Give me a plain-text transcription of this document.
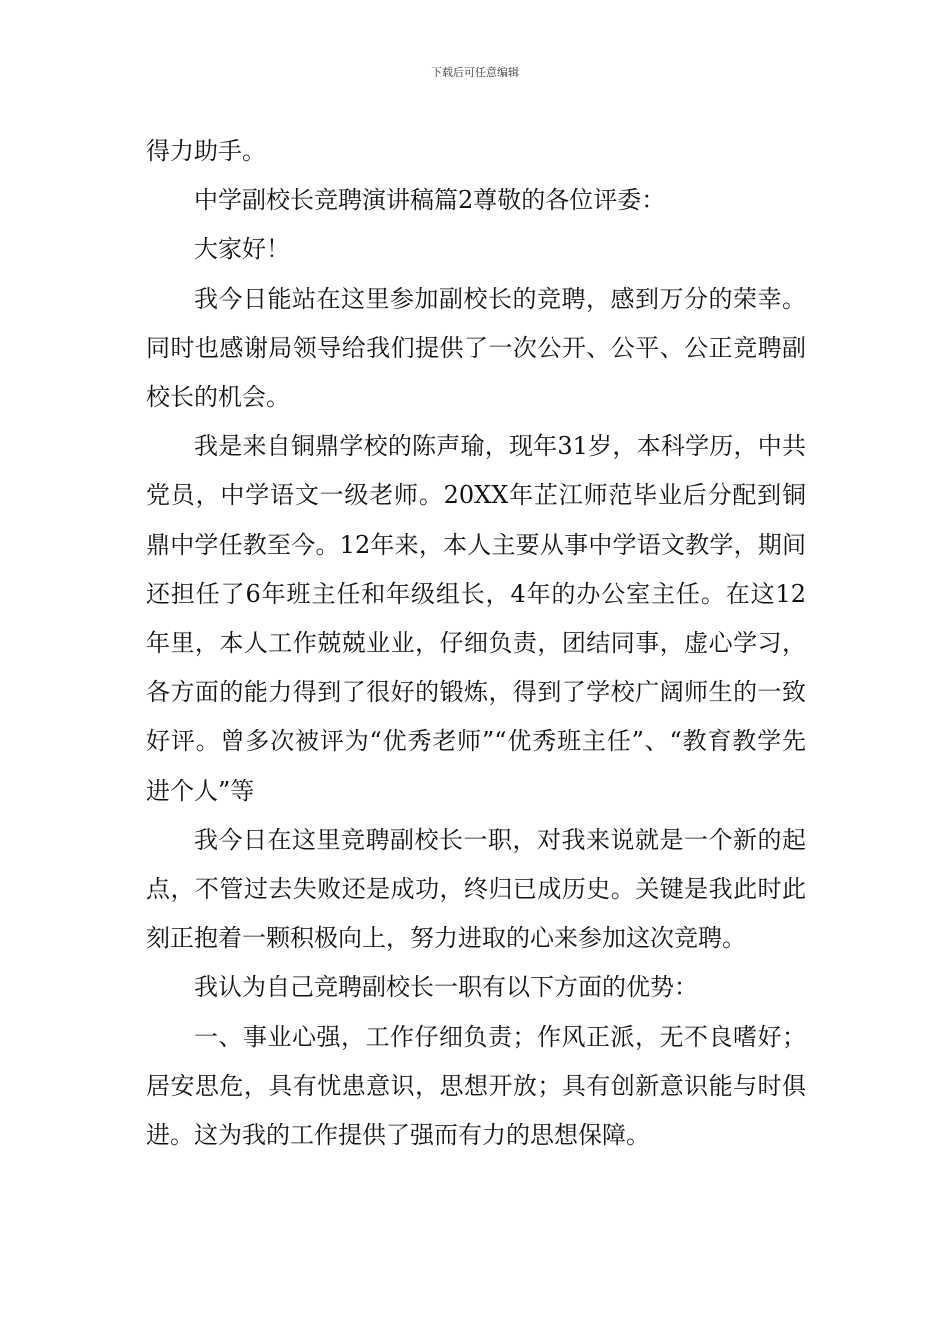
下载后可任意编辑

得力助手。

中学副校长竞聘演讲稿篇2尊敬的各位评委：

大家好！

我今日能站在这里参加副校长的竞聘，感到万分的荣幸。同时也感谢局领导给我们提供了一次公开、公平、公正竞聘副校长的机会。

我是来自铜鼎学校的陈声瑜，现年31岁，本科学历，中共党员，中学语文一级老师。20XX年芷江师范毕业后分配到铜鼎中学任教至今。12年来，本人主要从事中学语文教学，期间还担任了6年班主任和年级组长，4年的办公室主任。在这12年里，本人工作兢兢业业，仔细负责，团结同事，虚心学习，各方面的能力得到了很好的锻炼，得到了学校广阔师生的一致好评。曾多次被评为“优秀老师”“优秀班主任”、“教育教学先进个人”等

我今日在这里竞聘副校长一职，对我来说就是一个新的起点，不管过去失败还是成功，终归已成历史。关键是我此时此刻正抱着一颗积极向上，努力进取的心来参加这次竞聘。

我认为自己竞聘副校长一职有以下方面的优势：

一、事业心强，工作仔细负责；作风正派，无不良嗜好；居安思危，具有忧患意识，思想开放；具有创新意识能与时俱进。这为我的工作提供了强而有力的思想保障。
